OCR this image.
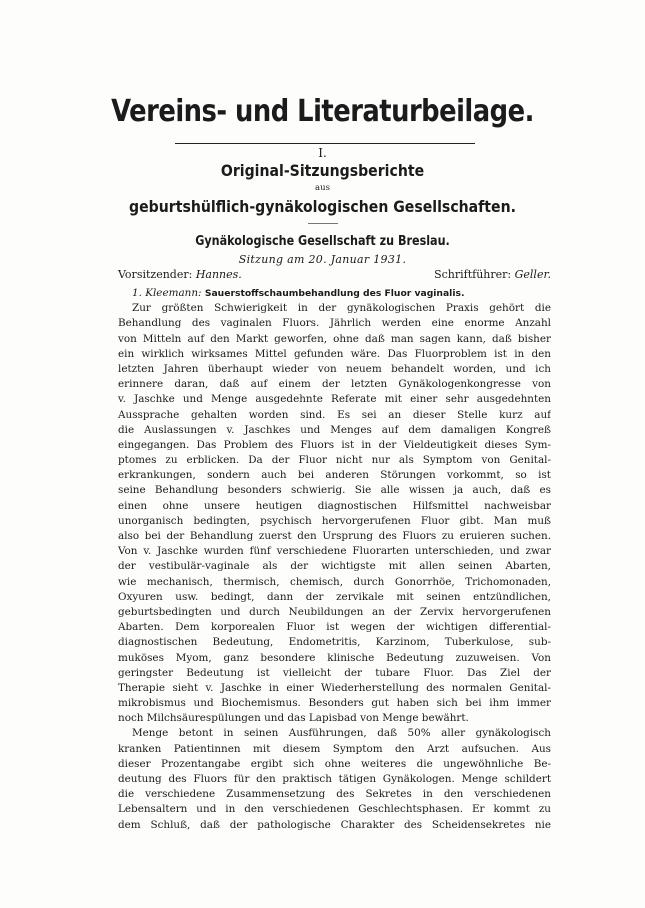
Vereins- und Literaturbeilage.
I.
Original-Sitzungsberichte
aus
geburtshülflich-gynäkologischen Gesellschaften.
Gynäkologische Gesellschaft zu Breslau.
Sitzung am 20. Januar 1931.
Vorsitzender: Hannes.	Schriftführer: Geller.
1. Kleemann: Sauerstoffschaumbehandlung des Fluor vaginalis.
Zur größten Schwierigkeit in der gynäkologischen Praxis gehört die
Behandlung des vaginalen Fluors. Jährlich werden eine enorme Anzahl
von Mitteln auf den Markt geworfen, ohne daß man sagen kann, daß bisher
ein wirklich wirksames Mittel gefunden wäre. Das Fluorproblem ist in den
letzten Jahren überhaupt wieder von neuem behandelt worden, und ich
erinnere daran, daß auf einem der letzten Gynäkologenkongresse von
v. Jaschke und Menge ausgedehnte Referate mit einer sehr ausgedehnten
Aussprache gehalten worden sind. Es sei an dieser Stelle kurz auf
die Auslassungen v. Jaschkes und Menges auf dem damaligen Kongreß
eingegangen. Das Problem des Fluors ist in der Vieldeutigkeit dieses Sym-
ptomes zu erblicken. Da der Fluor nicht nur als Symptom von Genital-
erkrankungen, sondern auch bei anderen Störungen vorkommt, so ist
seine Behandlung besonders schwierig. Sie alle wissen ja auch, daß es
einen ohne unsere heutigen diagnostischen Hilfsmittel nachweisbar
unorganisch bedingten, psychisch hervorgerufenen Fluor gibt. Man muß
also bei der Behandlung zuerst den Ursprung des Fluors zu eruieren suchen.
Von v. Jaschke wurden fünf verschiedene Fluorarten unterschieden, und zwar
der vestibulär-vaginale als der wichtigste mit allen seinen Abarten,
wie mechanisch, thermisch, chemisch, durch Gonorrhöe, Trichomonaden,
Oxyuren usw. bedingt, dann der zervikale mit seinen entzündlichen,
geburtsbedingten und durch Neubildungen an der Zervix hervorgerufenen
Abarten. Dem korporealen Fluor ist wegen der wichtigen differential-
diagnostischen Bedeutung, Endometritis, Karzinom, Tuberkulose, sub-
muköses Myom, ganz besondere klinische Bedeutung zuzuweisen. Von
geringster Bedeutung ist vielleicht der tubare Fluor. Das Ziel der
Therapie sieht v. Jaschke in einer Wiederherstellung des normalen Genital-
mikrobismus und Biochemismus. Besonders gut haben sich bei ihm immer
noch Milchsäurespülungen und das Lapisbad von Menge bewährt.
Menge betont in seinen Ausführungen, daß 50% aller gynäkologisch
kranken Patientinnen mit diesem Symptom den Arzt aufsuchen. Aus
dieser Prozentangabe ergibt sich ohne weiteres die ungewöhnliche Be-
deutung des Fluors für den praktisch tätigen Gynäkologen. Menge schildert
die verschiedene Zusammensetzung des Sekretes in den verschiedenen
Lebensaltern und in den verschiedenen Geschlechtsphasen. Er kommt zu
dem Schluß, daß der pathologische Charakter des Scheidensekretes nie
